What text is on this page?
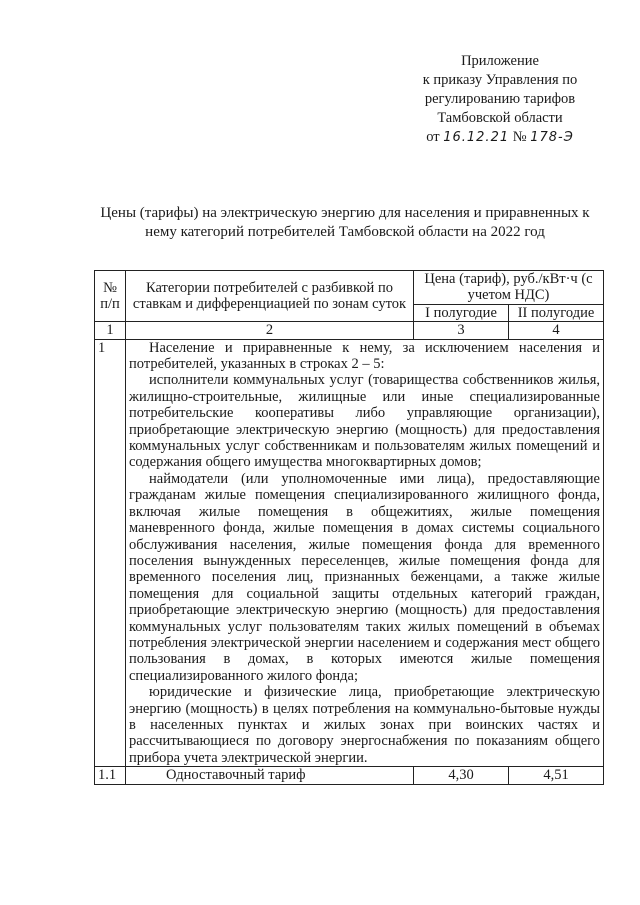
Приложение
к приказу Управления по
регулированию тарифов
Тамбовской области
от 16.12.21 № 178-Э
Цены (тарифы) на электрическую энергию для населения и приравненных к нему категорий потребителей Тамбовской области на 2022 год
№ п/п	Категории потребителей с разбивкой по ставкам и дифференциацией по зонам суток	Цена (тариф), руб./кВт·ч (с учетом НДС)	
		I полугодие	II полугодие
1	2	3	4
1	Население и приравненные к нему, за исключением населения и потребителей, указанных в строках 2 – 5:

исполнители коммунальных услуг (товарищества собственников жилья, жилищно-строительные, жилищные или иные специализированные потребительские кооперативы либо управляющие организации), приобретающие электрическую энергию (мощность) для предоставления коммунальных услуг собственникам и пользователям жилых помещений и содержания общего имущества многоквартирных домов;

наймодатели (или уполномоченные ими лица), предоставляющие гражданам жилые помещения специализированного жилищного фонда, включая жилые помещения в общежитиях, жилые помещения маневренного фонда, жилые помещения в домах системы социального обслуживания населения, жилые помещения фонда для временного поселения вынужденных переселенцев, жилые помещения фонда для временного поселения лиц, признанных беженцами, а также жилые помещения для социальной защиты отдельных категорий граждан, приобретающие электрическую энергию (мощность) для предоставления коммунальных услуг пользователям таких жилых помещений в объемах потребления электрической энергии населением и содержания мест общего пользования в домах, в которых имеются жилые помещения специализированного жилого фонда;

юридические и физические лица, приобретающие электрическую энергию (мощность) в целях потребления на коммунально-бытовые нужды в населенных пунктах и жилых зонах при воинских частях и рассчитывающиеся по договору энергоснабжения по показаниям общего прибора учета электрической энергии.		

1.1	Одноставочный тариф	4,30	4,51
